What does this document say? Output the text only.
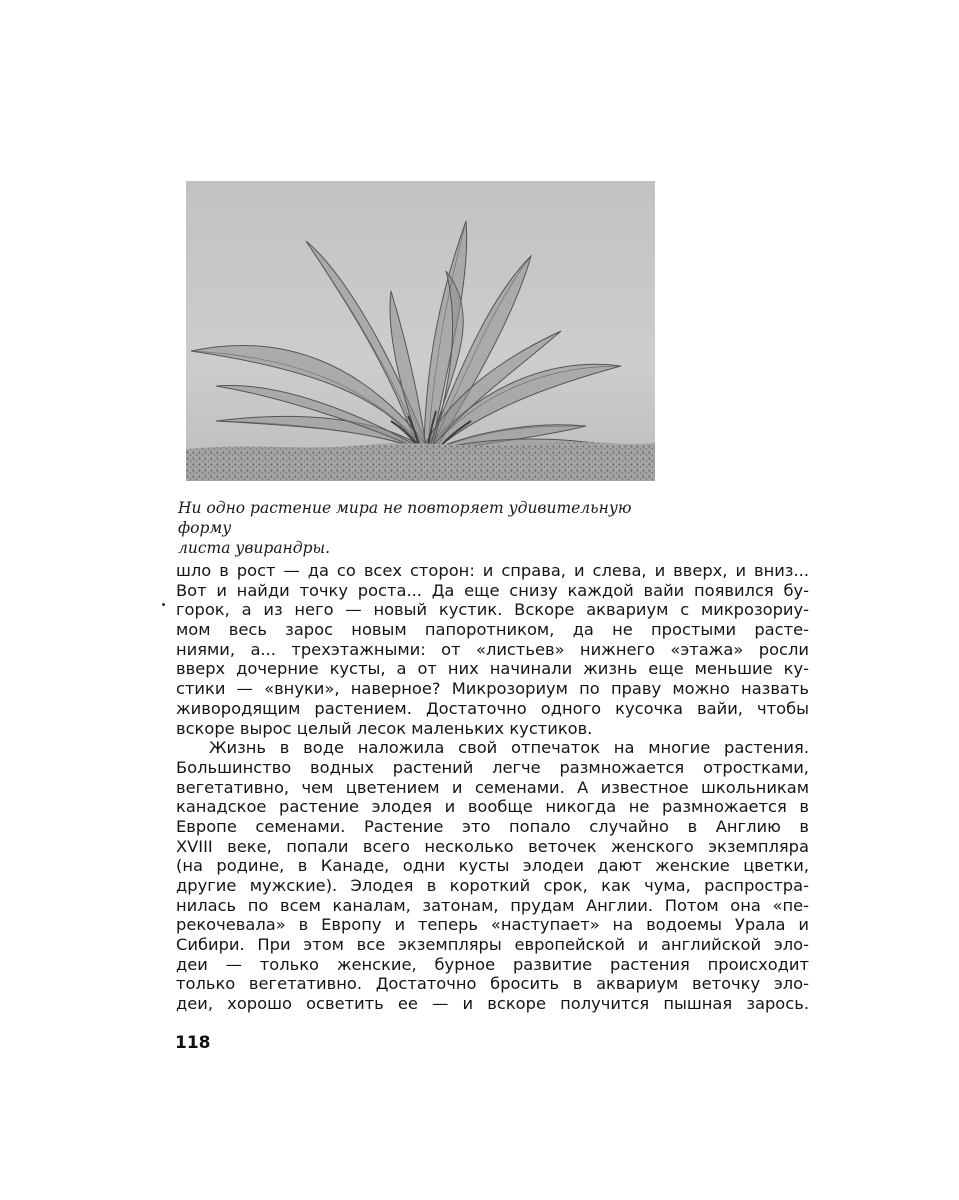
Ни одно растение мира не повторяет удивительную форму

листа увирандры.

шло в рост — да со всех сторон: и справа, и слева, и вверх, и вниз...
Вот и найди точку роста... Да еще снизу каждой вайи появился бу-
горок, а из него — новый кустик. Вскоре аквариум с микрозориу-
мом весь зарос новым папоротником, да не простыми расте-
ниями, а... трехэтажными: от «листьев» нижнего «этажа» росли
вверх дочерние кусты, а от них начинали жизнь еще меньшие ку-
стики — «внуки», наверное? Микрозориум по праву можно назвать
живородящим растением. Достаточно одного кусочка вайи, чтобы
вскоре вырос целый лесок маленьких кустиков.
Жизнь в воде наложила свой отпечаток на многие растения.
Большинство водных растений легче размножается отростками,
вегетативно, чем цветением и семенами. А известное школьникам
канадское растение элодея и вообще никогда не размножается в
Европе семенами. Растение это попало случайно в Англию в
XVIII веке, попали всего несколько веточек женского экземпляра
(на родине, в Канаде, одни кусты элодеи дают женские цветки,
другие мужские). Элодея в короткий срок, как чума, распростра-
нилась по всем каналам, затонам, прудам Англии. Потом она «пе-
рекочевала» в Европу и теперь «наступает» на водоемы Урала и
Сибири. При этом все экземпляры европейской и английской эло-
деи — только женские, бурное развитие растения происходит
только вегетативно. Достаточно бросить в аквариум веточку эло-
деи, хорошо осветить ее — и вскоре получится пышная зарось.
118
